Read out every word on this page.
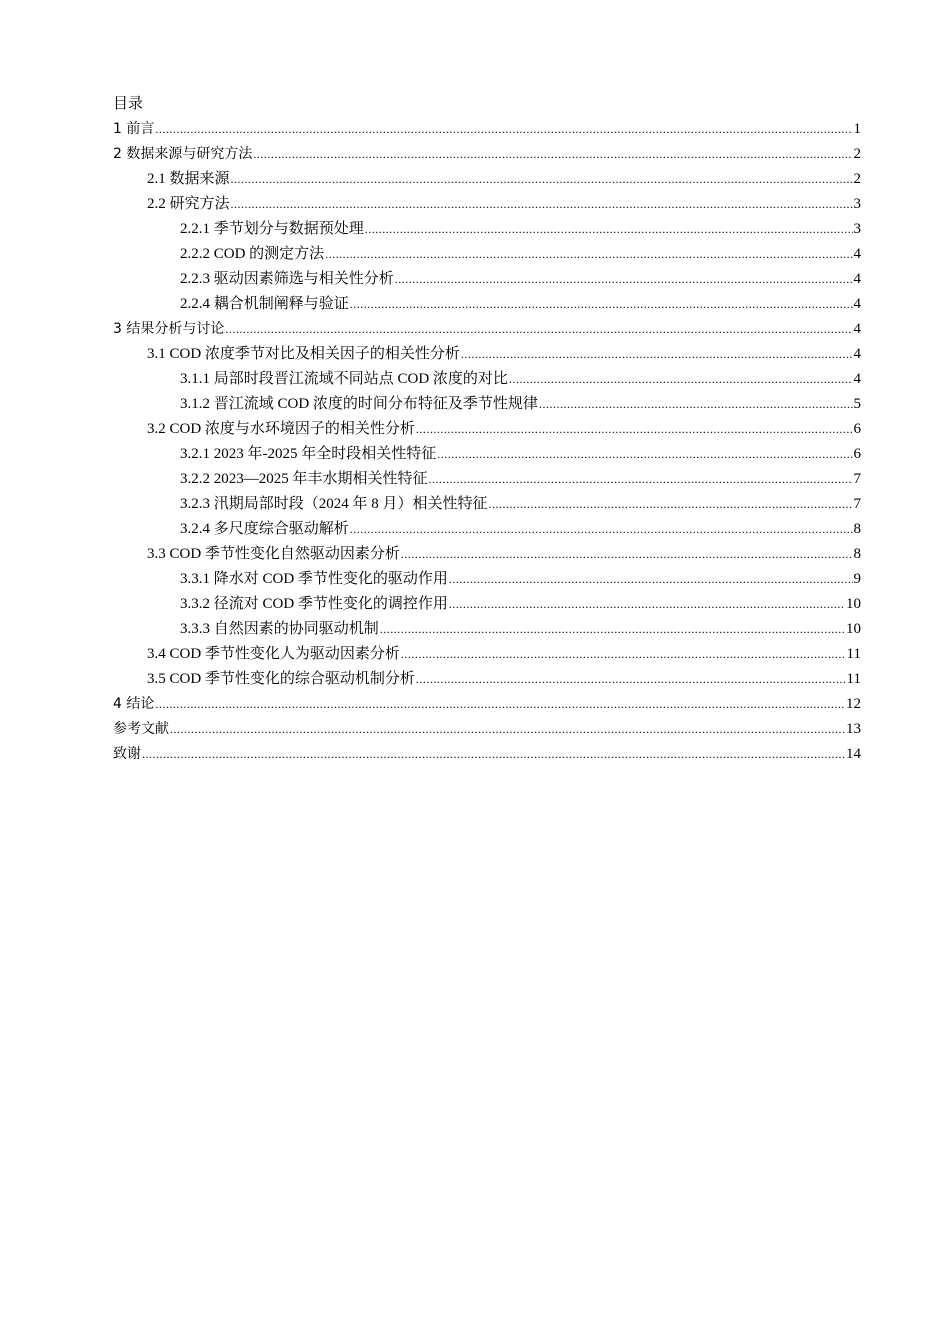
目录
1 前言 .....	1
2 数据来源与研究方法 .....	2
2.1 数据来源 .....	2
2.2 研究方法 .....	3
2.2.1 季节划分与数据预处理 .....	3
2.2.2 COD 的测定方法 .....	4
2.2.3 驱动因素筛选与相关性分析 .....	4
2.2.4 耦合机制阐释与验证 .....	4
3 结果分析与讨论 .....	4
3.1 COD 浓度季节对比及相关因子的相关性分析 .....	4
3.1.1 局部时段晋江流域不同站点 COD 浓度的对比 .....	4
3.1.2 晋江流域 COD 浓度的时间分布特征及季节性规律 .....	5
3.2 COD 浓度与水环境因子的相关性分析 .....	6
3.2.1 2023 年-2025 年全时段相关性特征 .....	6
3.2.2 2023—2025 年丰水期相关性特征 .....	7
3.2.3 汛期局部时段（2024 年 8 月）相关性特征 .....	7
3.2.4 多尺度综合驱动解析 .....	8
3.3 COD 季节性变化自然驱动因素分析 .....	8
3.3.1 降水对 COD 季节性变化的驱动作用 .....	9
3.3.2 径流对 COD 季节性变化的调控作用 .....	10
3.3.3 自然因素的协同驱动机制 .....	10
3.4 COD 季节性变化人为驱动因素分析 .....	11
3.5 COD 季节性变化的综合驱动机制分析 .....	11
4 结论 .....	12
参考文献 .....	13
致谢 .....	14
